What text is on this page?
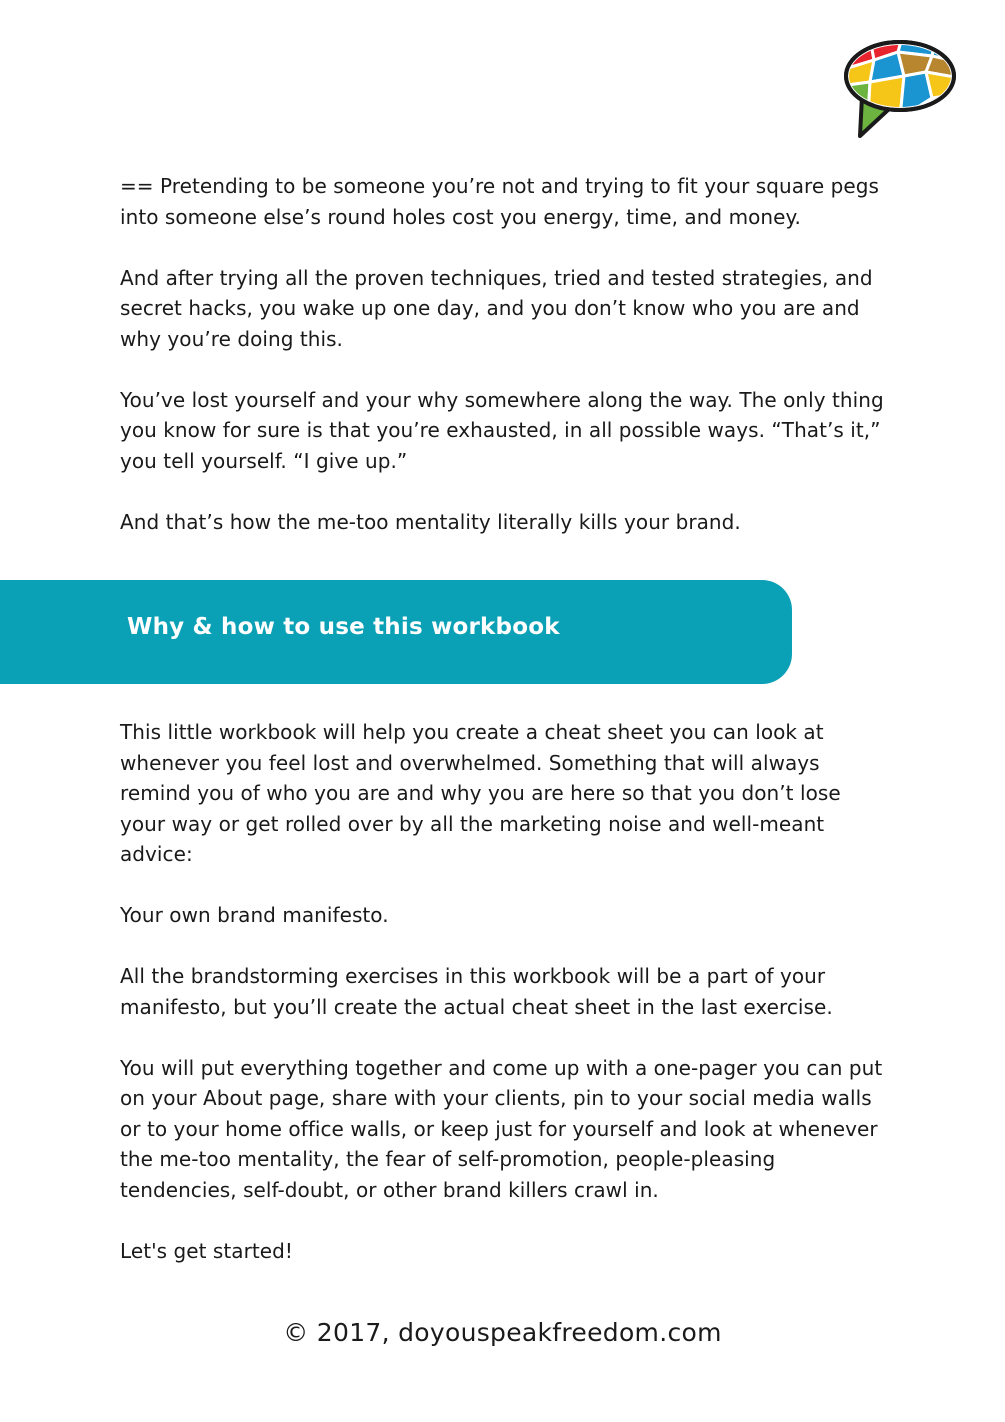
== Pretending to be someone you’re not and trying to fit your square pegs into someone else’s round holes cost you energy, time, and money.

And after trying all the proven techniques, tried and tested strategies, and secret hacks, you wake up one day, and you don’t know who you are and why you’re doing this.

You’ve lost yourself and your why somewhere along the way. The only thing you know for sure is that you’re exhausted, in all possible ways. “That’s it,” you tell yourself. “I give up.”

And that’s how the me-too mentality literally kills your brand.

Why & how to use this workbook

This little workbook will help you create a cheat sheet you can look at whenever you feel lost and overwhelmed. Something that will always remind you of who you are and why you are here so that you don’t lose your way or get rolled over by all the marketing noise and well-meant advice:

Your own brand manifesto.

All the brandstorming exercises in this workbook will be a part of your manifesto, but you’ll create the actual cheat sheet in the last exercise.

You will put everything together and come up with a one-pager you can put on your About page, share with your clients, pin to your social media walls or to your home office walls, or keep just for yourself and look at whenever the me-too mentality, the fear of self-promotion, people-pleasing tendencies, self-doubt, or other brand killers crawl in.

Let's get started!

© 2017, doyouspeakfreedom.com
